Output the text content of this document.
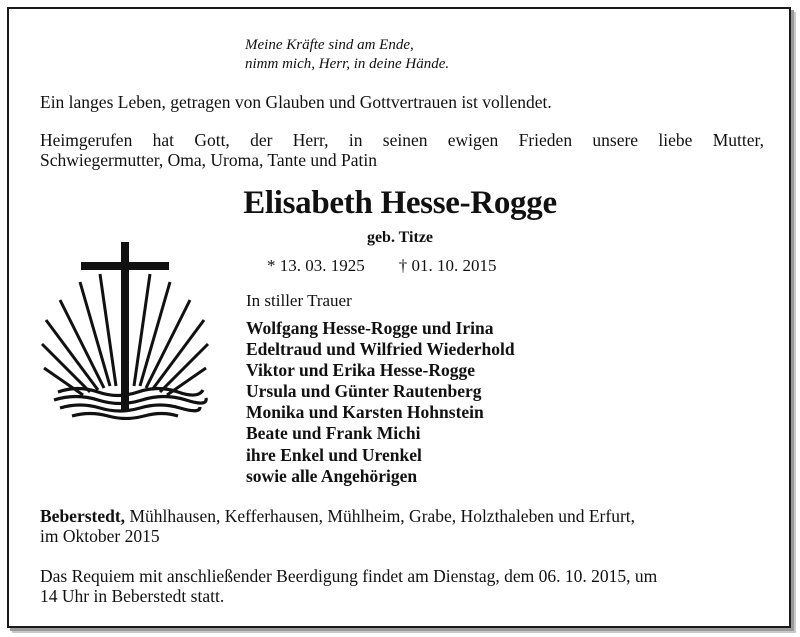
Meine Kräfte sind am Ende,
nimm mich, Herr, in deine Hände.
Ein langes Leben, getragen von Glauben und Gottvertrauen ist vollendet.
Heimgerufen hat Gott, der Herr, in seinen ewigen Frieden unsere liebe Mutter,
Schwiegermutter, Oma, Uroma, Tante und Patin
Elisabeth Hesse-Rogge
geb. Titze
* 13. 03. 1925 † 01. 10. 2015
In stiller Trauer
Wolfgang Hesse-Rogge und Irina
Edeltraud und Wilfried Wiederhold
Viktor und Erika Hesse-Rogge
Ursula und Günter Rautenberg
Monika und Karsten Hohnstein
Beate und Frank Michi
ihre Enkel und Urenkel
sowie alle Angehörigen
Beberstedt, Mühlhausen, Kefferhausen, Mühlheim, Grabe, Holzthaleben und Erfurt,
im Oktober 2015
Das Requiem mit anschließender Beerdigung findet am Dienstag, dem 06. 10. 2015, um
14 Uhr in Beberstedt statt.
